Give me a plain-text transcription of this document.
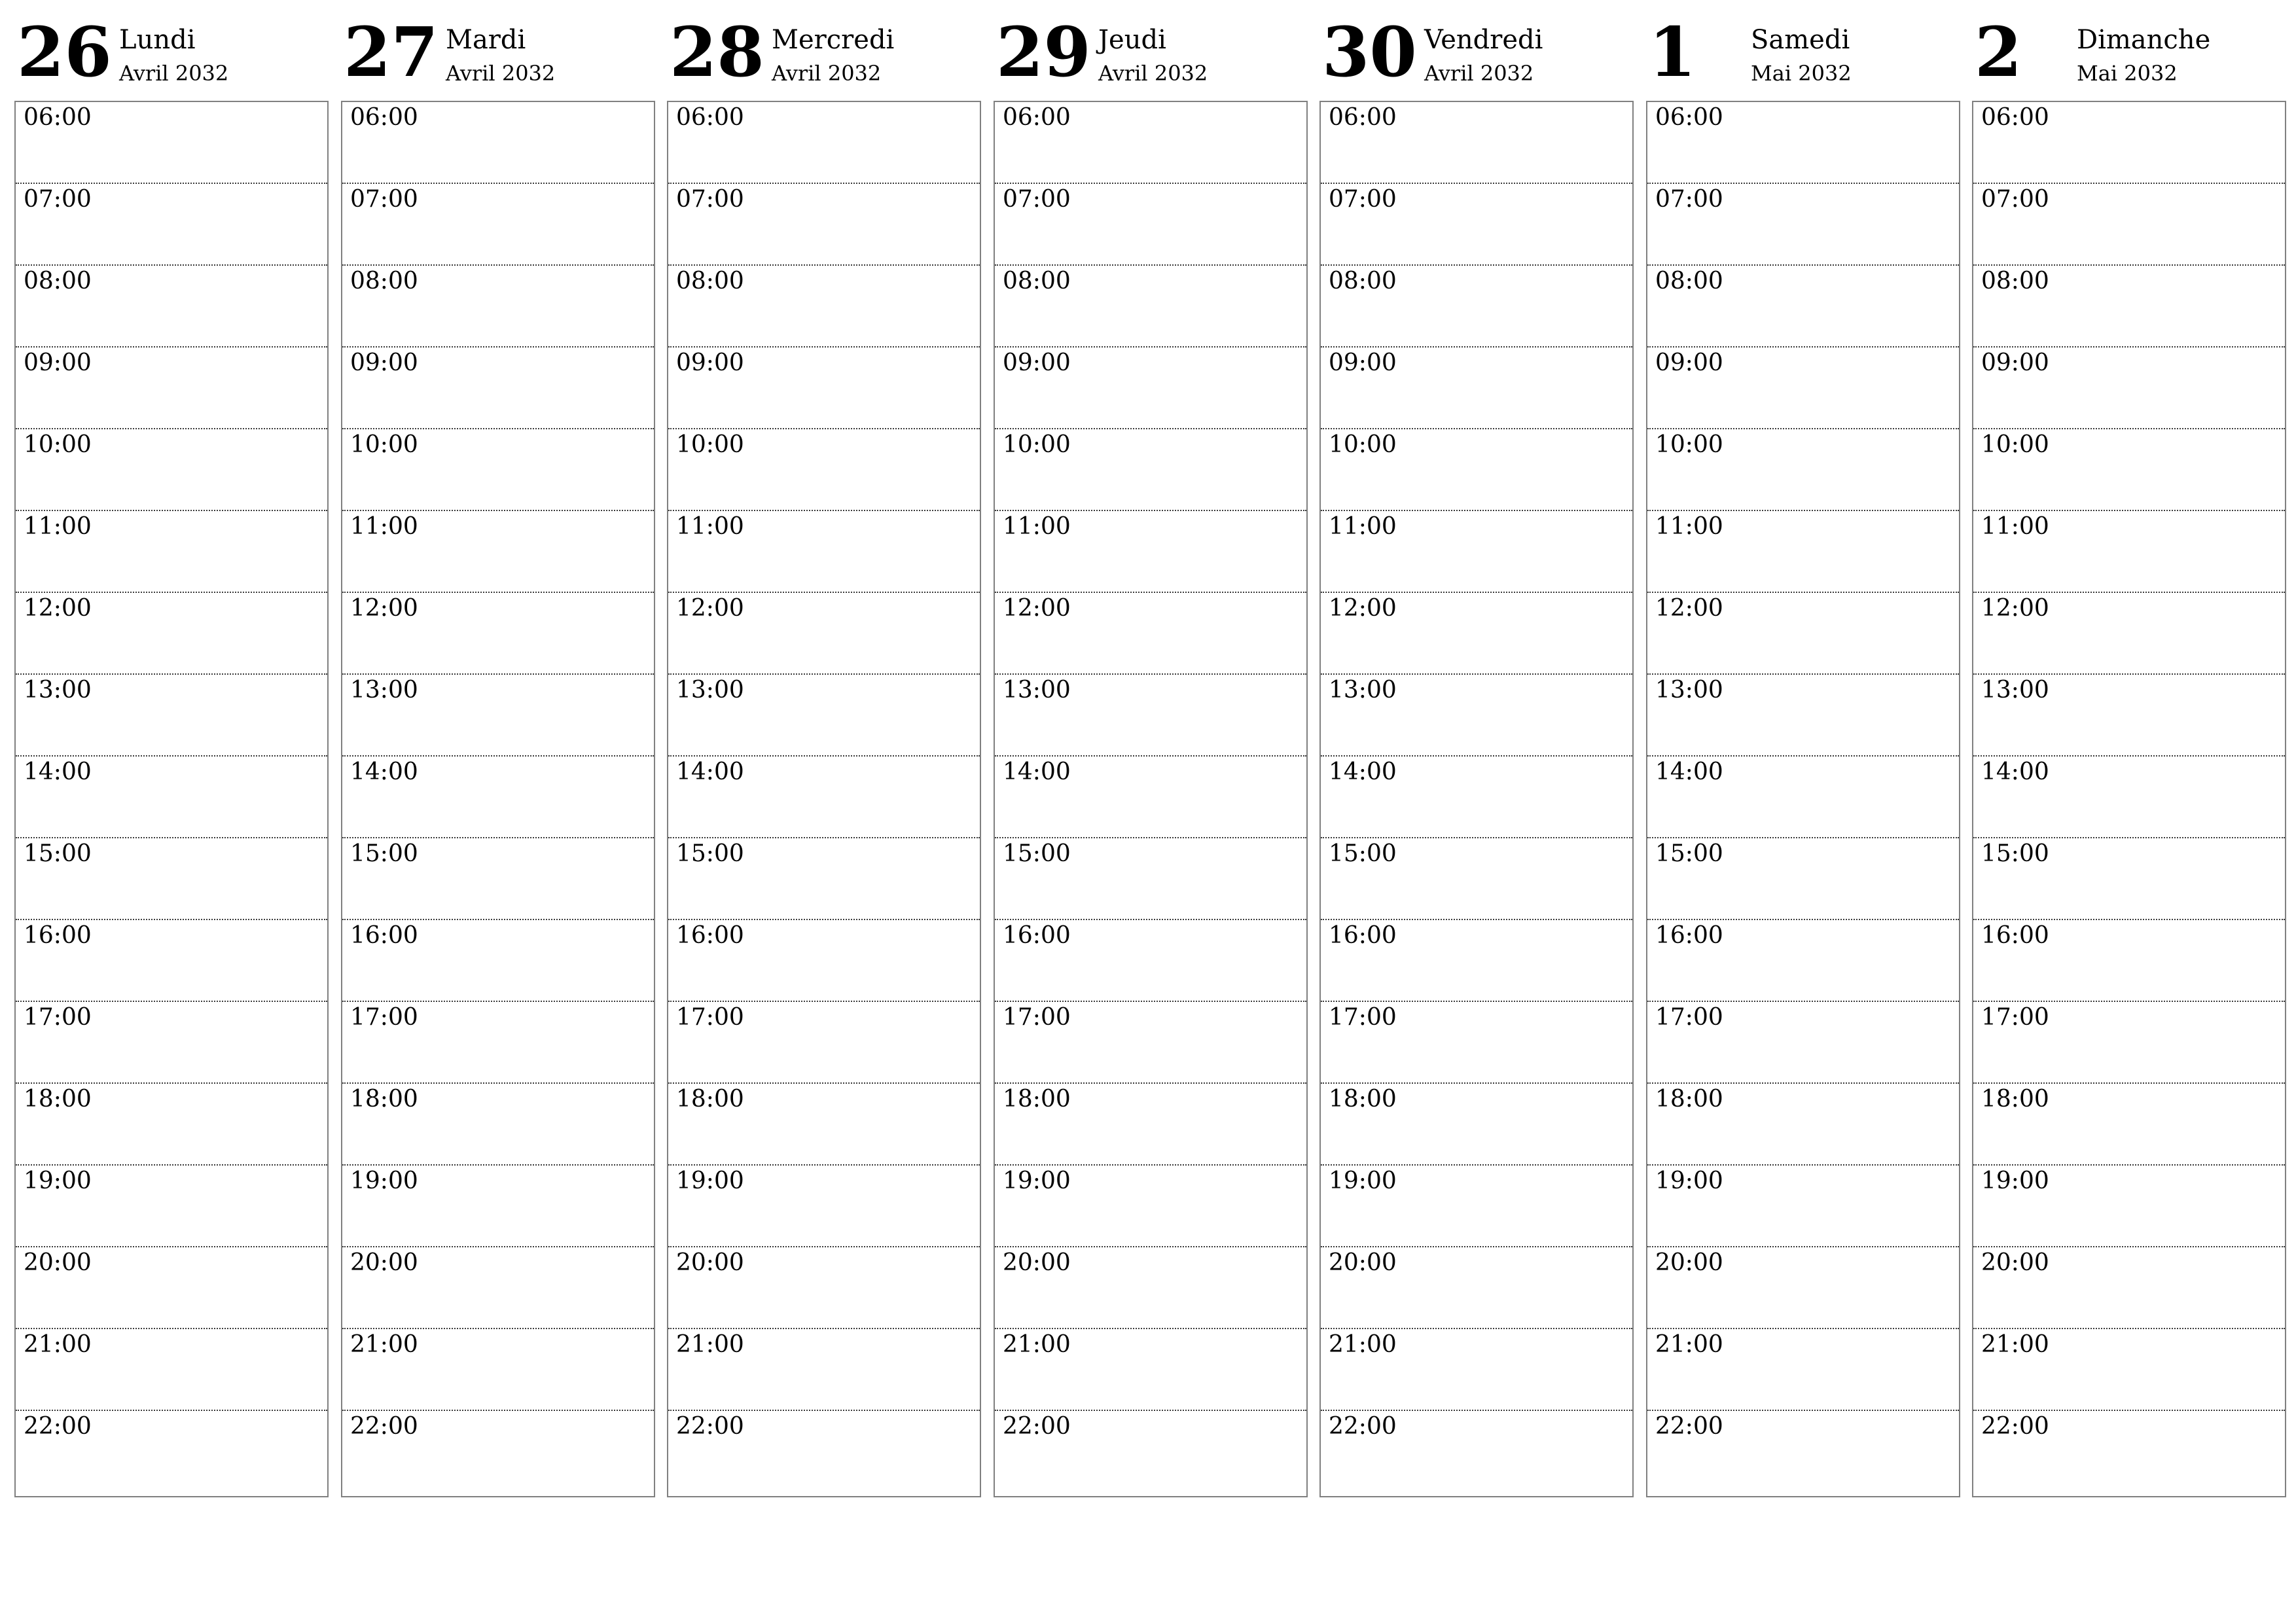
26 Lundi
Avril 2032
06:00
07:00
08:00
09:00
10:00
11:00
12:00
13:00
14:00
15:00
16:00
17:00
18:00
19:00
20:00
21:00
22:00
27 Mardi
Avril 2032
06:00
07:00
08:00
09:00
10:00
11:00
12:00
13:00
14:00
15:00
16:00
17:00
18:00
19:00
20:00
21:00
22:00
28 Mercredi
Avril 2032
06:00
07:00
08:00
09:00
10:00
11:00
12:00
13:00
14:00
15:00
16:00
17:00
18:00
19:00
20:00
21:00
22:00
29 Jeudi
Avril 2032
06:00
07:00
08:00
09:00
10:00
11:00
12:00
13:00
14:00
15:00
16:00
17:00
18:00
19:00
20:00
21:00
22:00
30 Vendredi
Avril 2032
06:00
07:00
08:00
09:00
10:00
11:00
12:00
13:00
14:00
15:00
16:00
17:00
18:00
19:00
20:00
21:00
22:00
1 Samedi
Mai 2032
06:00
07:00
08:00
09:00
10:00
11:00
12:00
13:00
14:00
15:00
16:00
17:00
18:00
19:00
20:00
21:00
22:00
2 Dimanche
Mai 2032
06:00
07:00
08:00
09:00
10:00
11:00
12:00
13:00
14:00
15:00
16:00
17:00
18:00
19:00
20:00
21:00
22:00
